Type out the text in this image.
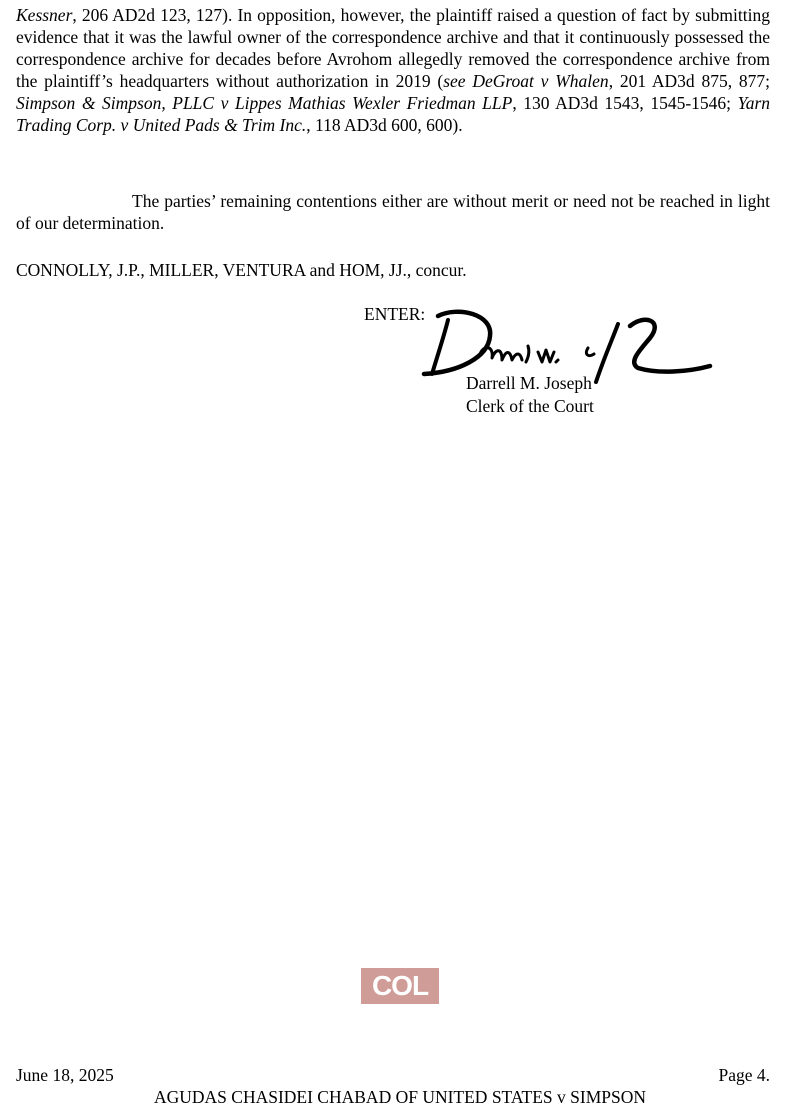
Kessner, 206 AD2d 123, 127). In opposition, however, the plaintiff raised a question of fact by submitting evidence that it was the lawful owner of the correspondence archive and that it continuously possessed the correspondence archive for decades before Avrohom allegedly removed the correspondence archive from the plaintiff’s headquarters without authorization in 2019 (see DeGroat v Whalen, 201 AD3d 875, 877; Simpson & Simpson, PLLC v Lippes Mathias Wexler Friedman LLP, 130 AD3d 1543, 1545-1546; Yarn Trading Corp. v United Pads & Trim Inc., 118 AD3d 600, 600).

The parties’ remaining contentions either are without merit or need not be reached in light of our determination.

CONNOLLY, J.P., MILLER, VENTURA and HOM, JJ., concur.

ENTER:
Darrell M. Joseph
Clerk of the Court
COL
June 18, 2025	Page 4.
AGUDAS CHASIDEI CHABAD OF UNITED STATES v SIMPSON
